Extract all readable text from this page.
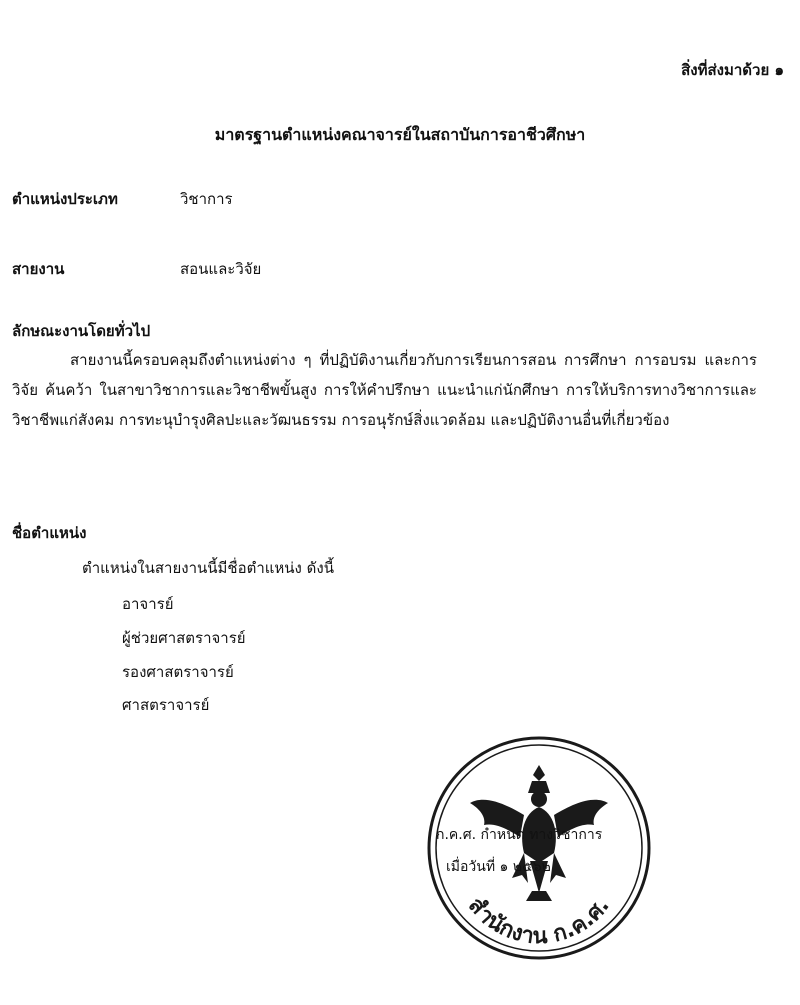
สิ่งที่ส่งมาด้วย ๑
มาตรฐานตำแหน่งคณาจารย์ในสถาบันการอาชีวศึกษา
ตำแหน่งประเภท	วิชาการ
สายงาน	สอนและวิจัย
ลักษณะงานโดยทั่วไป
สายงานนี้ครอบคลุมถึงตำแหน่งต่าง ๆ ที่ปฏิบัติงานเกี่ยวกับการเรียนการสอน การศึกษา การอบรม และการวิจัย ค้นคว้า ในสาขาวิชาการและวิชาชีพขั้นสูง การให้คำปรึกษา แนะนำแก่นักศึกษา การให้บริการทางวิชาการและวิชาชีพแก่สังคม การทะนุบำรุงศิลปะและวัฒนธรรม การอนุรักษ์สิ่งแวดล้อม และปฏิบัติงานอื่นที่เกี่ยวข้อง
ชื่อตำแหน่ง
ตำแหน่งในสายงานนี้มีชื่อตำแหน่ง ดังนี้
อาจารย์
ผู้ช่วยศาสตราจารย์
รองศาสตราจารย์
ศาสตราจารย์
สำนักงาน ก.ค.ศ.
ก.ค.ศ. กำหนด ทางวิชาการ
เมื่อวันที่ ๑ ๒๕๖๒
